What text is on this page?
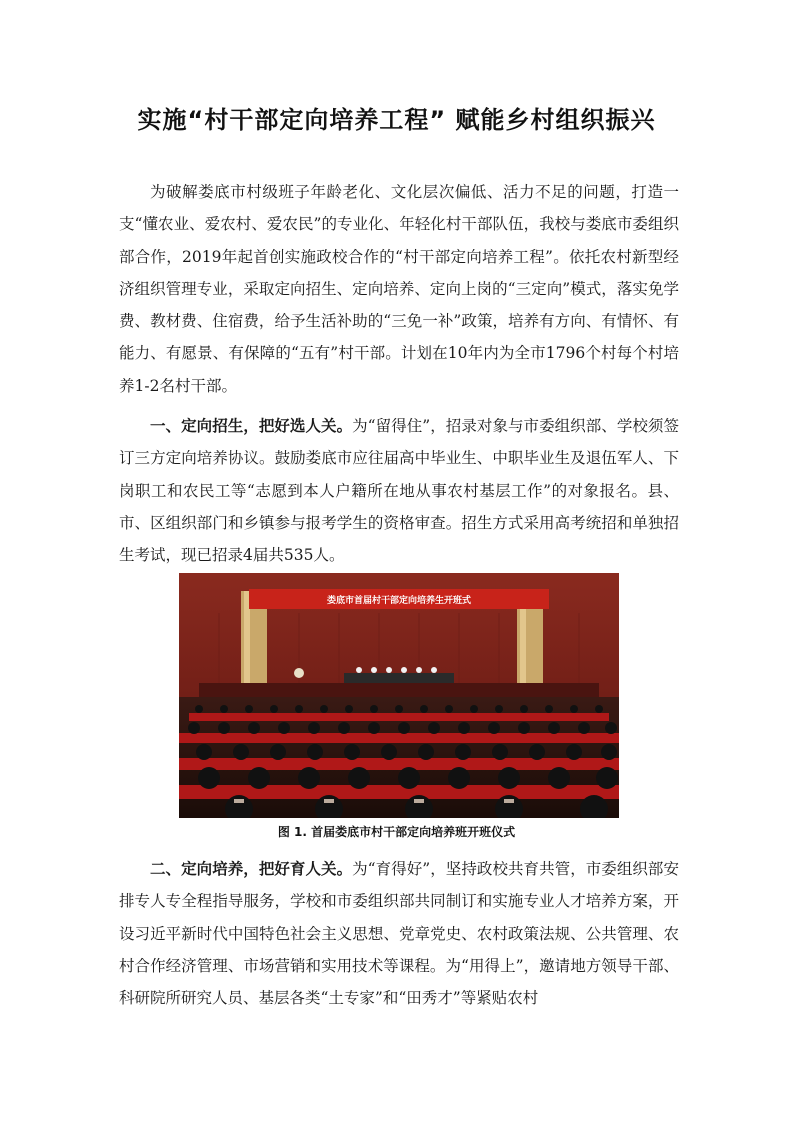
实施“村干部定向培养工程” 赋能乡村组织振兴

为破解娄底市村级班子年龄老化、文化层次偏低、活力不足的问题，打造一支“懂农业、爱农村、爱农民”的专业化、年轻化村干部队伍，我校与娄底市委组织部合作，2019年起首创实施政校合作的“村干部定向培养工程”。依托农村新型经济组织管理专业，采取定向招生、定向培养、定向上岗的“三定向”模式，落实免学费、教材费、住宿费，给予生活补助的“三免一补”政策，培养有方向、有情怀、有能力、有愿景、有保障的“五有”村干部。计划在10年内为全市1796个村每个村培养1-2名村干部。

一、定向招生，把好选人关。为“留得住”，招录对象与市委组织部、学校须签订三方定向培养协议。鼓励娄底市应往届高中毕业生、中职毕业生及退伍军人、下岗职工和农民工等“志愿到本人户籍所在地从事农村基层工作”的对象报名。县、市、区组织部门和乡镇参与报考学生的资格审查。招生方式采用高考统招和单独招生考试，现已招录4届共535人。

娄底市首届村干部定向培养生开班式
图 1. 首届娄底市村干部定向培养班开班仪式

二、定向培养，把好育人关。为“育得好”，坚持政校共育共管，市委组织部安排专人专全程指导服务，学校和市委组织部共同制订和实施专业人才培养方案，开设习近平新时代中国特色社会主义思想、党章党史、农村政策法规、公共管理、农村合作经济管理、市场营销和实用技术等课程。为“用得上”，邀请地方领导干部、科研院所研究人员、基层各类“土专家”和“田秀才”等紧贴农村
